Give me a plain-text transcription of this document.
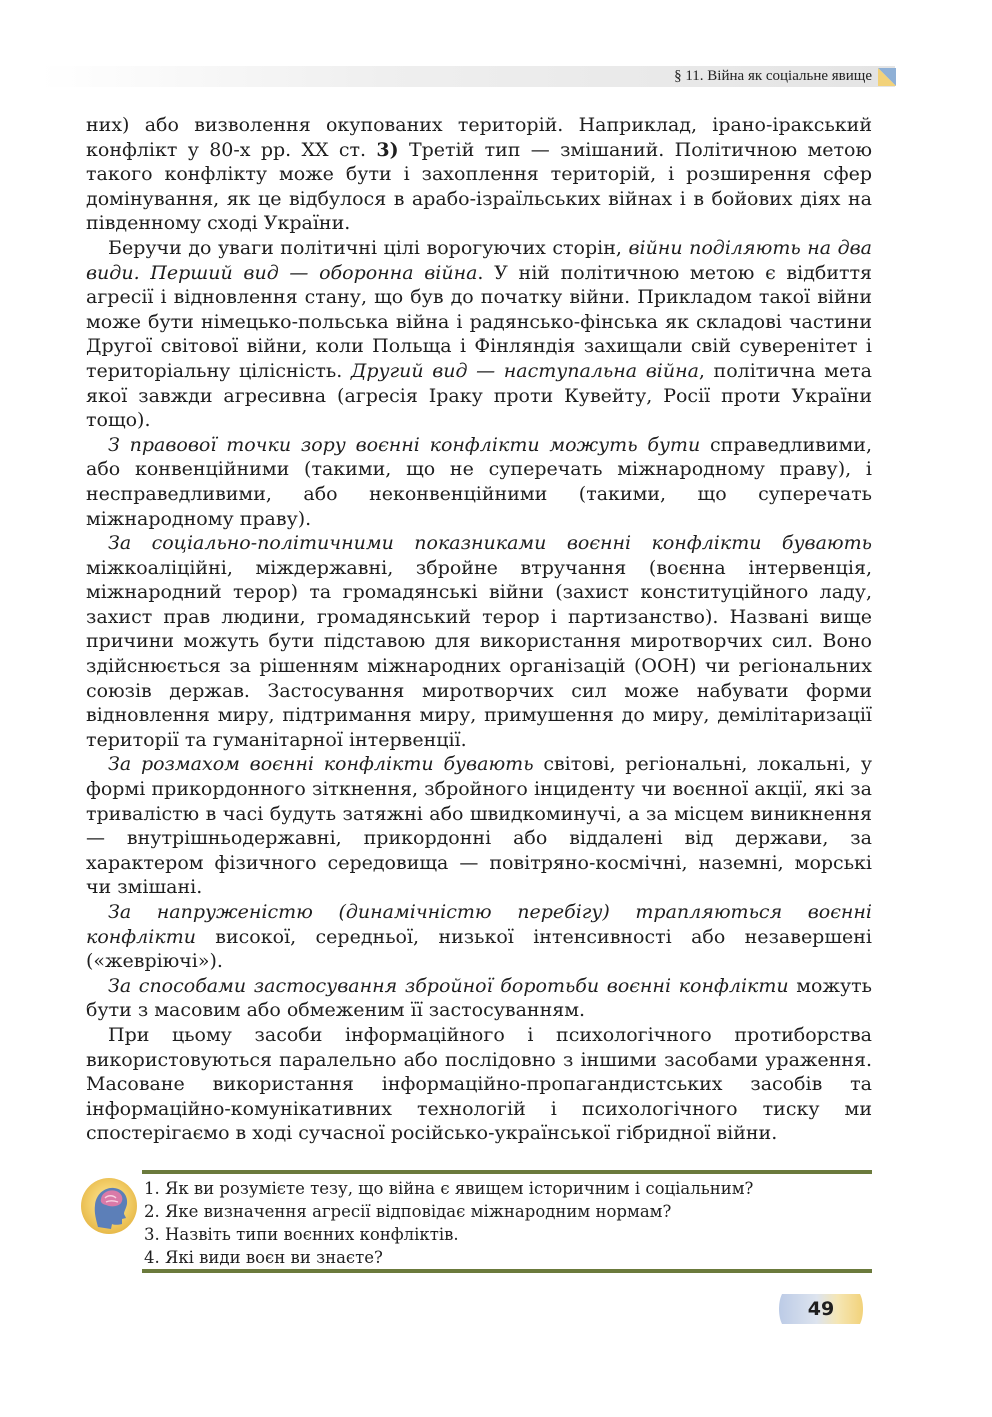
§ 11. Війна як соціальне явище

них) або визволення окупованих територій. Наприклад, ірано-іракський конфлікт у 80-х рр. XX ст. 3) Третій тип — змішаний. Політичною метою такого конфлікту може бути і захоплення територій, і розширення сфер домінування, як це відбулося в арабо-ізраїльських війнах і в бойових діях на південному сході України.

Беручи до уваги політичні цілі ворогуючих сторін, війни поділяють на два види. Перший вид — оборонна війна. У ній політичною метою є відбиття агресії і відновлення стану, що був до початку війни. Прикладом такої війни може бути німецько-польська війна і радянсько-фінська як складові частини Другої світової війни, коли Польща і Фінляндія захищали свій суверенітет і територіальну цілісність. Другий вид — наступальна війна, політична мета якої завжди агресивна (агресія Іраку проти Кувейту, Росії проти України тощо).

З правової точки зору воєнні конфлікти можуть бути справедливими, або конвенційними (такими, що не суперечать міжнародному праву), і несправедливими, або неконвенційними (такими, що суперечать міжнародному праву).

За соціально-політичними показниками воєнні конфлікти бувають міжкоаліційні, міждержавні, збройне втручання (воєнна інтервенція, міжнародний терор) та громадянські війни (захист конституційного ладу, захист прав людини, громадянський терор і партизанство). Названі вище причини можуть бути підставою для використання миротворчих сил. Воно здійснюється за рішенням міжнародних організацій (ООН) чи регіональних союзів держав. Застосування миротворчих сил може набувати форми відновлення миру, підтримання миру, примушення до миру, демілітаризації території та гуманітарної інтервенції.

За розмахом воєнні конфлікти бувають світові, регіональні, локальні, у формі прикордонного зіткнення, збройного інциденту чи воєнної акції, які за тривалістю в часі будуть затяжні або швидкоминучі, а за місцем виникнення — внутрішньодержавні, прикордонні або віддалені від держави, за характером фізичного середовища — повітряно-космічні, наземні, морські чи змішані.

За напруженістю (динамічністю перебігу) трапляються воєнні конфлікти високої, середньої, низької інтенсивності або незавершені («жевріючі»).

За способами застосування збройної боротьби воєнні конфлікти можуть бути з масовим або обмеженим її застосуванням.

При цьому засоби інформаційного і психологічного протиборства використовуються паралельно або послідовно з іншими засобами ураження. Масоване використання інформаційно-пропагандистських засобів та інформаційно-комунікативних технологій і психологічного тиску ми спостерігаємо в ході сучасної російсько-української гібридної війни.

1. Як ви розумієте тезу, що війна є явищем історичним і соціальним?
2. Яке визначення агресії відповідає міжнародним нормам?
3. Назвіть типи воєнних конфліктів.
4. Які види воєн ви знаєте?
49
